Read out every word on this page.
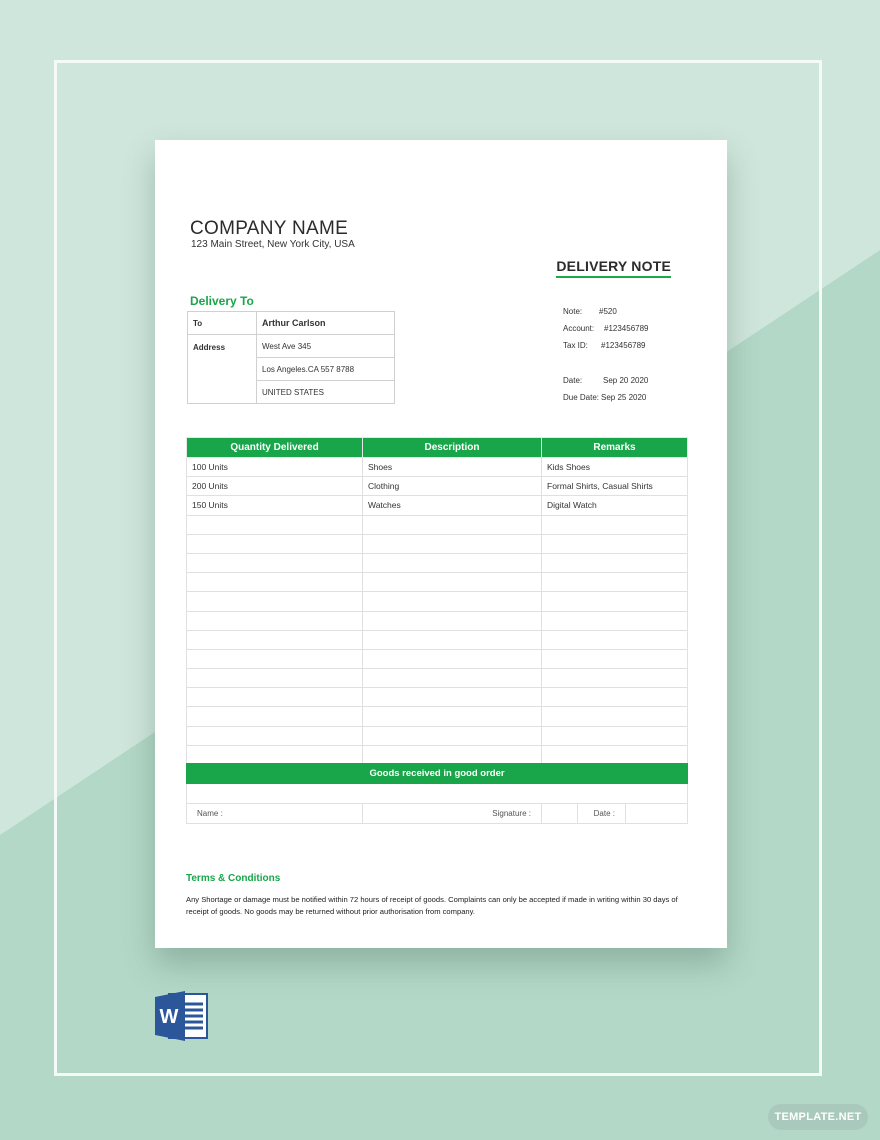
COMPANY NAME
123 Main Street, New York City, USA
DELIVERY NOTE
Delivery To
To	Arthur Carlson
Address	West Ave 345
	Los Angeles.CA 557 8788
	UNITED STATES
Note: #520
Account: #123456789
Tax ID: #123456789
Date:	Sep 20 2020
Due Date: Sep 25 2020
Quantity Delivered	Description	Remarks
100 Units	Shoes	Kids Shoes
200 Units	Clothing	Formal Shirts, Casual Shirts
150 Units	Watches	Digital Watch

Goods received in good order

Name :	Signature :		Date :	
Terms & Conditions
Any Shortage or damage must be notified within 72 hours of receipt of goods. Complaints can only be accepted if made in writing within 30 days of receipt of goods. No goods may be returned without prior authorisation from company.
W
TEMPLATE.NET
